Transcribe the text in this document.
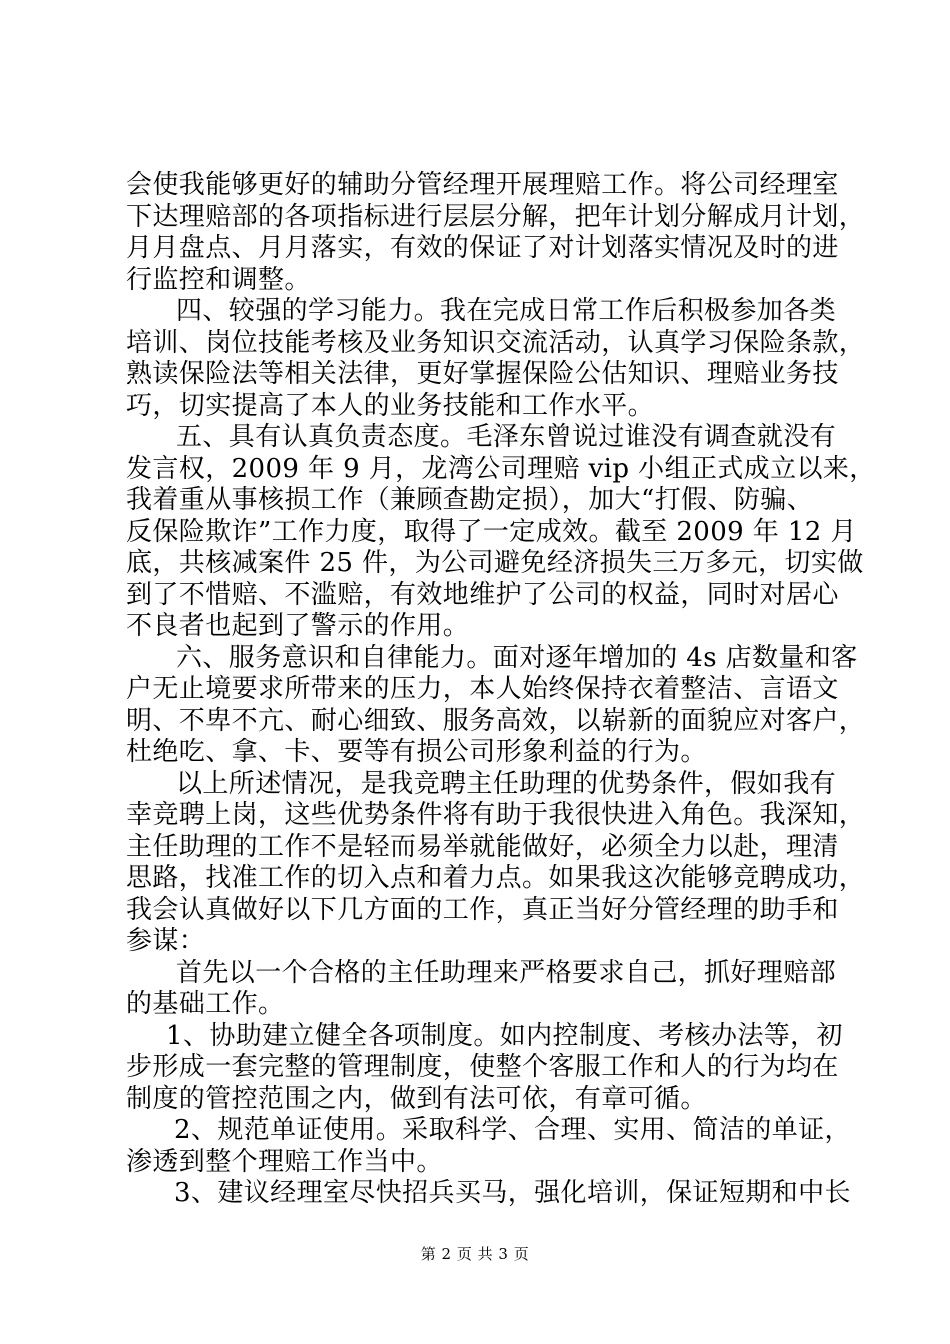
会使我能够更好的辅助分管经理开展理赔工作。将公司经理室
下达理赔部的各项指标进行层层分解，把年计划分解成月计划，
月月盘点、月月落实，有效的保证了对计划落实情况及时的进
行监控和调整。
四、较强的学习能力。我在完成日常工作后积极参加各类
培训、岗位技能考核及业务知识交流活动，认真学习保险条款，
熟读保险法等相关法律，更好掌握保险公估知识、理赔业务技
巧，切实提高了本人的业务技能和工作水平。
五、具有认真负责态度。毛泽东曾说过谁没有调查就没有
发言权，2009 年 9 月，龙湾公司理赔 vip 小组正式成立以来，
我着重从事核损工作（兼顾查勘定损），加大“打假、防骗、
反保险欺诈”工作力度，取得了一定成效。截至 2009 年 12 月
底，共核减案件 25 件，为公司避免经济损失三万多元，切实做
到了不惜赔、不滥赔，有效地维护了公司的权益，同时对居心
不良者也起到了警示的作用。
六、服务意识和自律能力。面对逐年增加的 4s 店数量和客
户无止境要求所带来的压力，本人始终保持衣着整洁、言语文
明、不卑不亢、耐心细致、服务高效，以崭新的面貌应对客户，
杜绝吃、拿、卡、要等有损公司形象利益的行为。
以上所述情况，是我竞聘主任助理的优势条件，假如我有
幸竞聘上岗，这些优势条件将有助于我很快进入角色。我深知，
主任助理的工作不是轻而易举就能做好，必须全力以赴，理清
思路，找准工作的切入点和着力点。如果我这次能够竞聘成功，
我会认真做好以下几方面的工作，真正当好分管经理的助手和
参谋：
首先以一个合格的主任助理来严格要求自己，抓好理赔部
的基础工作。
1、协助建立健全各项制度。如内控制度、考核办法等，初
步形成一套完整的管理制度，使整个客服工作和人的行为均在
制度的管控范围之内，做到有法可依，有章可循。
2、规范单证使用。采取科学、合理、实用、简洁的单证，
渗透到整个理赔工作当中。
3、建议经理室尽快招兵买马，强化培训，保证短期和中长
第 2 页 共 3 页
